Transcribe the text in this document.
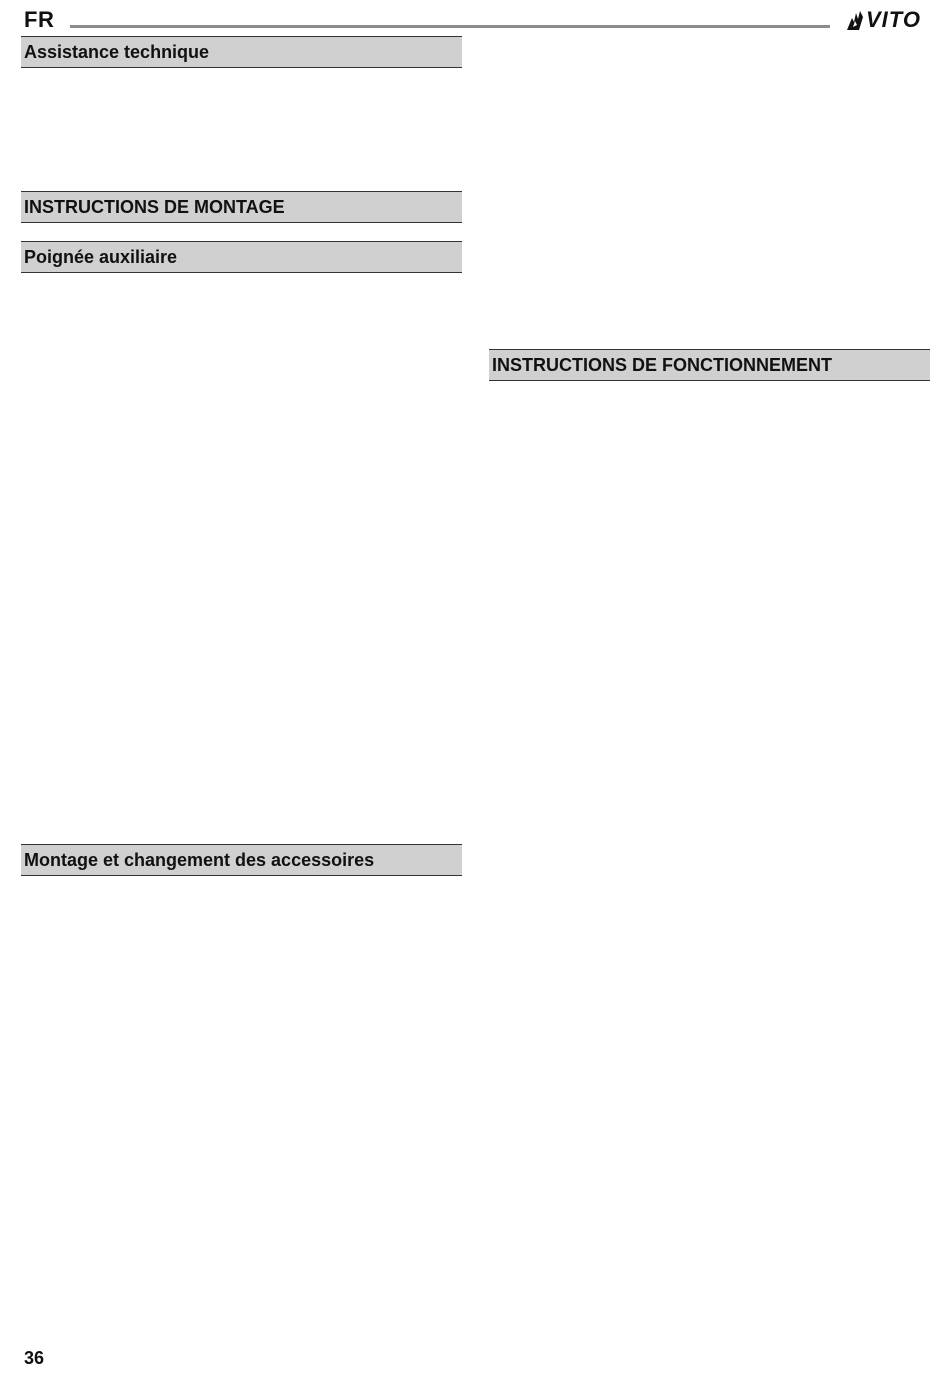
FR	VITO
Assistance technique
INSTRUCTIONS DE MONTAGE
Poignée auxiliaire
INSTRUCTIONS DE FONCTIONNEMENT
Montage et changement des accessoires
36
